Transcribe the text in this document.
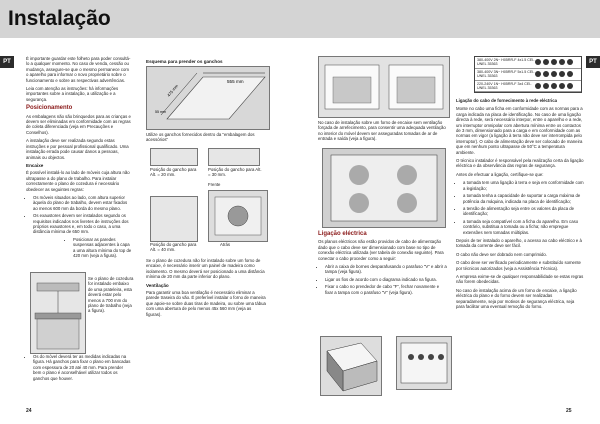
Instalação
PT	PT

É importante guardar este folheto para poder consultá-lo a qualquer momento. No caso de venda, cessão ou mudança, assegure-se que o mesmo permanece com o aparelho para informar o novo proprietário sobre o funcionamento e sobre as respectivas advertências.

Leia com atenção as instruções: há informações importantes sobre a instalação, a utilização e a segurança.

Posicionamento

As embalagens não são brinquedos para as crianças e devem ser eliminadas em conformidade com as regras de coleta diferenciada (veja em Precauções e Conselhos).

A instalação deve ser realizada segundo estas instruções e por pessoal profissional qualificado. Uma instalação errada pode causar danos a pessoas, animais ou objectos.

Encaixe

É possível instalá-lo ao lado de móveis cuja altura não ultrapasse a do plano de trabalho. Para instalar correctamente o plano de cozedura é necessário obedecer as seguintes regras:

• Os móveis situados ao lado, com altura superior àquela do plano de trabalho, devem estar fixados ao menos 600 mm da borda do mesmo plano.
• Os exaustores devem ser instalados segundo os requisitos indicados nos livretes de instruções dos próprios exaustores e, em todo o caso, a uma distância mínima de 650 mm.
• Posicionar as paredes suspensas adjacentes à capa a uma altura mínima do top de 420 mm (veja a figura).

Se o plano de cozedura for instalado embaixo de uma prateleira, esta deverá estar pelo menos a 700 mm do plano de trabalho (veja a figura).

• Os do móvel deverá ter as medidas indicadas na figura. Há ganchos para fixar o plano em bancadas com espessura de 20 até 40 mm. Para prender bem o plano é aconselhável utilizar todos os ganchos que houver.
Esquema para prender os ganchos
555 mm
475 mm
55 mm

Utilize os ganchos fornecidos dentro da "embalagem dos acessórios"

Posição do gancho para Alt. = 20 mm.

Posição do gancho para Alt. = 30 mm.

Frente

Posição do gancho para Alt. = 40 mm.

Atrás

Se o plano de cozedura não for instalado sobre um forno de encaixe, é necessário inserir um painel de madeira como isolamento. O mesmo deverá ser posicionado a uma distância mínima de 20 mm da parte inferior do plano.

Ventilação

Para garantir uma boa ventilação é necessário eliminar a parede traseira do vão. É preferível instalar o forno de maneira que apoie-se sobre duas tiras de madeira, ou sobre uma tábua com uma abertura de pelo menos 45x 560 mm (veja as figuras).

No caso de instalação sobre um forno de encaixe sem ventilação forçada de arrefecimento, para consentir uma adequada ventilação no interior do móvel devem ser asseguradas tomadas de ar de entrada e saída (veja a figura).

Ligação eléctrica

Os planos eléctricos não estão providos de cabo de alimentação dado que o cabo deve ser dimensionado com base no tipo de conexão eléctrica utilizada (ver tabela de conexão seguinte). Para conectar o cabo proceder como a seguir:

• Abrir a caixa de bornes desparafusando o parafuso "V" e abrir a tampa (veja figura).
• Ligar os fios de acordo com o diagrama indicado na figura.
• Fixar o cabo no prendedor de cabo "F", fechar novamente e fixar a tampa com o parafuso "V" (veja figura).
380-400V 2N~ H05RR-F 4x1.5 CEI-UNEL 35363
380-400V 3N~ H05RR-F 5x1.5 CEI-UNEL 35363
220-240V 1N~ H05RR-F 3x4 CEI-UNEL 35363

Ligação do cabo de fornecimento à rede eléctrica

Monte no cabo uma ficha em conformidade com as normas para a carga indicada na placa de identificação. No caso de uma ligação directa à rede, será necessário interpor, entre o aparelho e a rede, um interruptor omnipolar com abertura mínima entre os contactos de 3 mm, dimensionado para a carga e em conformidade com as normas em vigor (a ligação à terra não deve ser interrompida pelo interruptor). O cabo de alimentação deve ser colocado de maneira que em nenhum ponto ultrapasse de 50°C a temperatura ambiente.

O técnico instalador é responsável pela realização certa da ligação eléctrica e da observância das regras de segurança.

Antes de efectuar a ligação, certifique-se que:

• a tomada tem uma ligação à terra e seja em conformidade com a legislação;
• a tomada tenha a capacidade de suportar a carga máxima de potência da máquina, indicada na placa de identificação;
• a tensão de alimentação seja entre os valores da placa de identificação;
• a tomada seja compatível com a ficha do aparelho. Em caso contrário, substitua a tomada ou a ficha; não empregue extensões nem tomadas múltiplas.

Depois de ter instalado o aparelho, o acesso ao cabo eléctrico e à tomada da corrente deve ser fácil.

O cabo não deve ser dobrado nem comprimido.

O cabo deve ser verificado periodicamente e substituído somente por técnicos autorizados (veja a Assistência Técnica).

A empresa exime-se de qualquer responsabilidade se estas regras não forem obedecidas.

No caso de instalação acima de um forno de encaixe, a ligação eléctrica do plano e do forno devem ser realizadas separadamente, seja por motivos de segurança eléctrica, seja para facilitar uma eventual remoção do forno.

24	25
